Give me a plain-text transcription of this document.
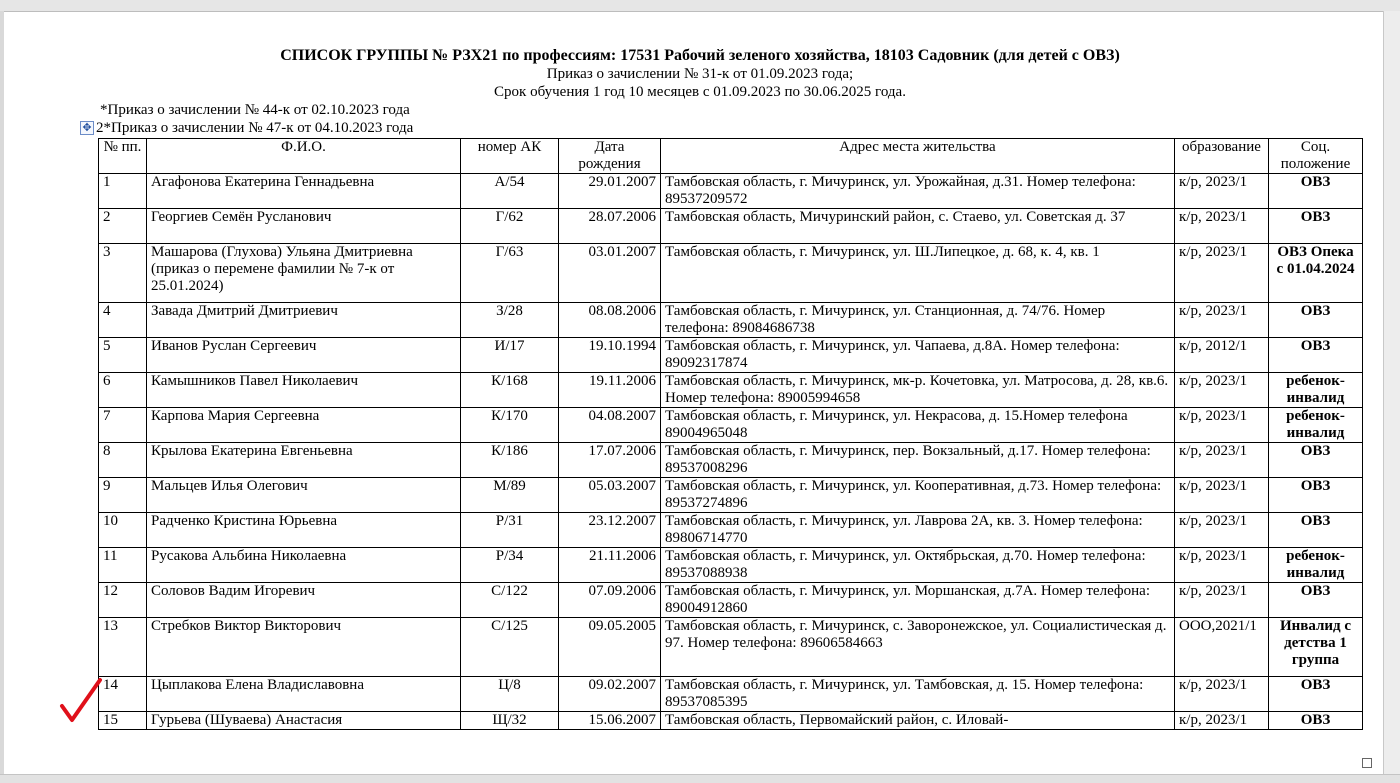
СПИСОК ГРУППЫ № РЗХ21 по профессиям: 17531 Рабочий зеленого хозяйства, 18103 Садовник (для детей с ОВЗ)
Приказ о зачислении № 31-к от 01.09.2023 года;
Срок обучения 1 год 10 месяцев с 01.09.2023 по 30.06.2025 года.
*Приказ о зачислении № 44-к от 02.10.2023 года
✥ 2*Приказ о зачислении № 47-к от 04.10.2023 года
№ пп.	Ф.И.О.	номер АК	Дата рождения	Адрес места жительства	образование	Соц. положение
1	Агафонова Екатерина Геннадьевна	А/54	29.01.2007	Тамбовская область, г. Мичуринск, ул. Урожайная, д.31. Номер телефона: 89537209572	к/р, 2023/1	ОВЗ
2	Георгиев Семён Русланович	Г/62	28.07.2006	Тамбовская область, Мичуринский район, с. Стаево, ул. Советская д. 37	к/р, 2023/1	ОВЗ
3	Машарова (Глухова) Ульяна Дмитриевна (приказ о перемене фамилии № 7-к от 25.01.2024)	Г/63	03.01.2007	Тамбовская область, г. Мичуринск, ул. Ш.Липецкое, д. 68, к. 4, кв. 1	к/р, 2023/1	ОВЗ Опека с 01.04.2024
4	Завада Дмитрий Дмитриевич	З/28	08.08.2006	Тамбовская область, г. Мичуринск, ул. Станционная, д. 74/76. Номер телефона: 89084686738	к/р, 2023/1	ОВЗ
5	Иванов Руслан Сергеевич	И/17	19.10.1994	Тамбовская область, г. Мичуринск, ул. Чапаева, д.8А. Номер телефона: 89092317874	к/р, 2012/1	ОВЗ
6	Камышников Павел Николаевич	К/168	19.11.2006	Тамбовская область, г. Мичуринск, мк-р. Кочетовка, ул. Матросова, д. 28, кв.6. Номер телефона: 89005994658	к/р, 2023/1	ребенок-инвалид
7	Карпова Мария Сергеевна	К/170	04.08.2007	Тамбовская область, г. Мичуринск, ул. Некрасова, д. 15.Номер телефона 89004965048	к/р, 2023/1	ребенок-инвалид
8	Крылова Екатерина Евгеньевна	К/186	17.07.2006	Тамбовская область, г. Мичуринск, пер. Вокзальный, д.17. Номер телефона: 89537008296	к/р, 2023/1	ОВЗ
9	Мальцев Илья Олегович	М/89	05.03.2007	Тамбовская область, г. Мичуринск, ул. Кооперативная, д.73. Номер телефона: 89537274896	к/р, 2023/1	ОВЗ
10	Радченко Кристина Юрьевна	Р/31	23.12.2007	Тамбовская область, г. Мичуринск, ул. Лаврова 2А, кв. 3. Номер телефона: 89806714770	к/р, 2023/1	ОВЗ
11	Русакова Альбина Николаевна	Р/34	21.11.2006	Тамбовская область, г. Мичуринск, ул. Октябрьская, д.70. Номер телефона: 89537088938	к/р, 2023/1	ребенок-инвалид
12	Соловов Вадим Игоревич	С/122	07.09.2006	Тамбовская область, г. Мичуринск, ул. Моршанская, д.7А. Номер телефона: 89004912860	к/р, 2023/1	ОВЗ
13	Стребков Виктор Викторович	С/125	09.05.2005	Тамбовская область, г. Мичуринск, с. Заворонежское, ул. Социалистическая д. 97. Номер телефона: 89606584663	ООО,2021/1	Инвалид с детства 1 группа
14	Цыплакова Елена Владиславовна	Ц/8	09.02.2007	Тамбовская область, г. Мичуринск, ул. Тамбовская, д. 15. Номер телефона: 89537085395	к/р, 2023/1	ОВЗ
15	Гурьева (Шуваева) Анастасия	Щ/32	15.06.2007	Тамбовская область, Первомайский район, с. Иловай-	к/р, 2023/1	ОВЗ
